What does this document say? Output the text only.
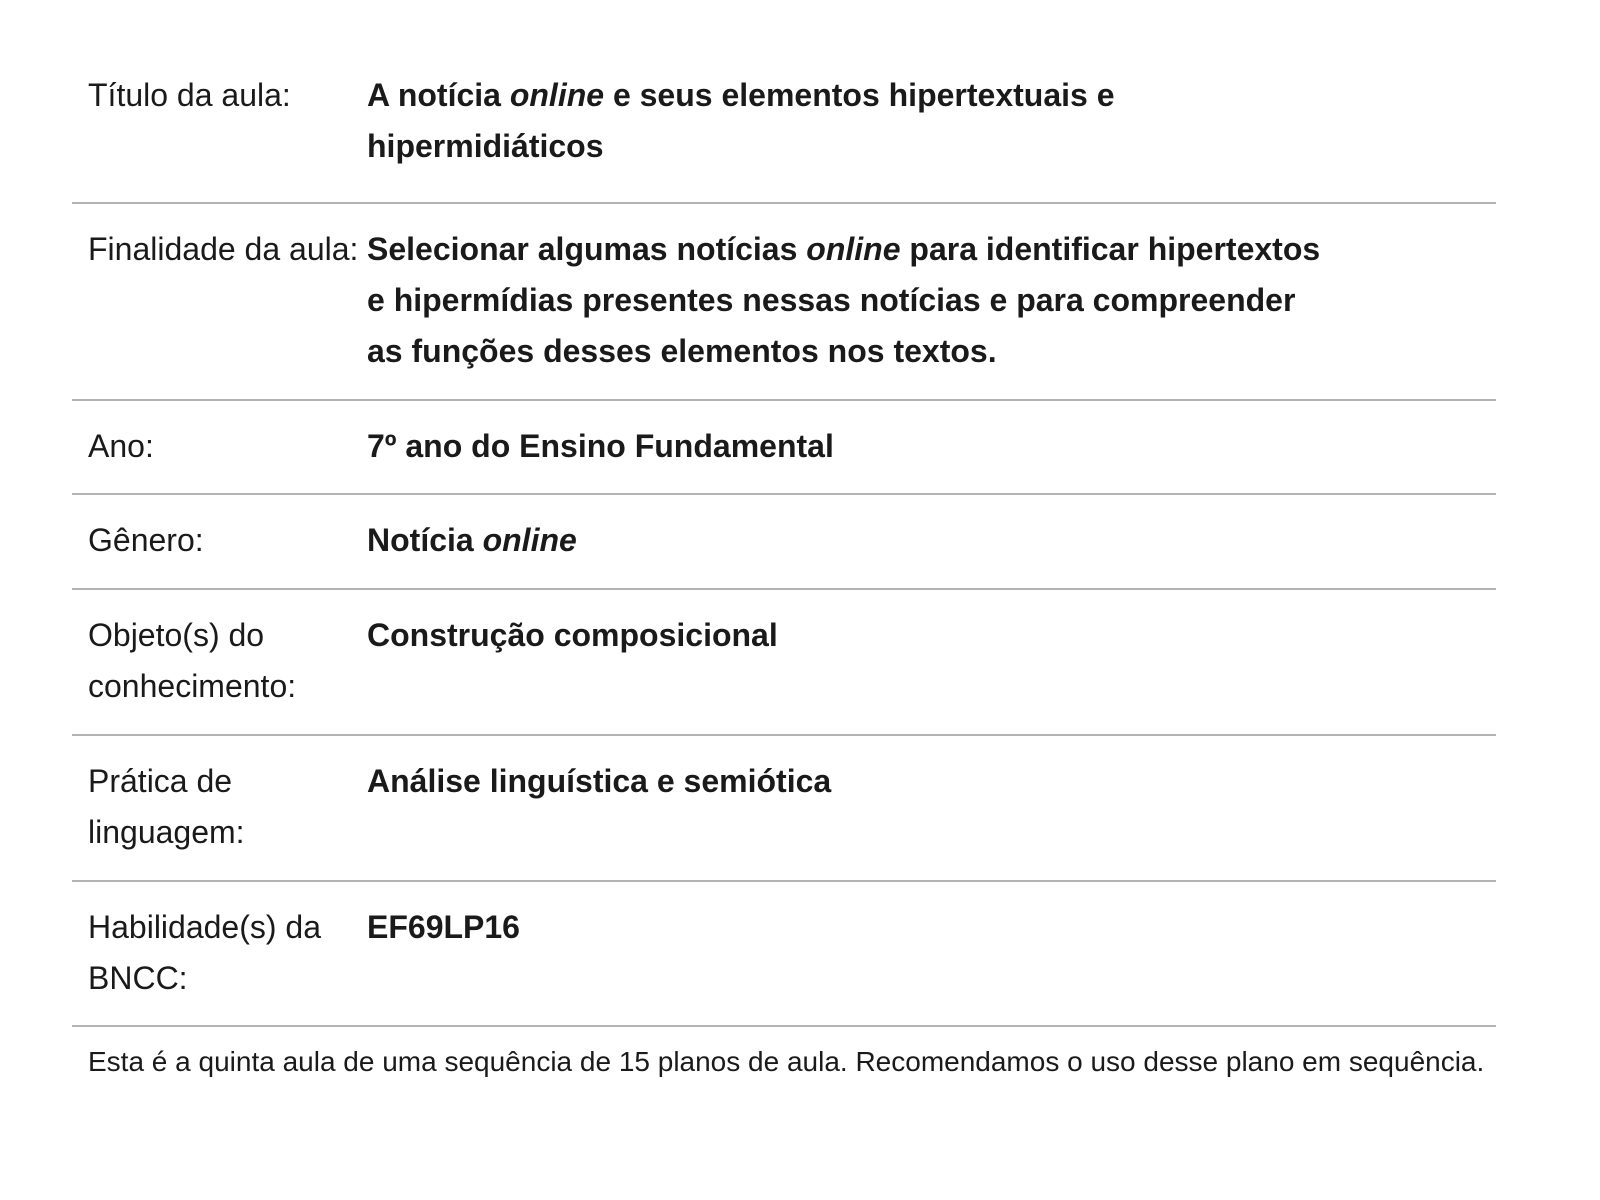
Título da aula:	A notícia online e seus elementos hipertextuais e
hipermidiáticos
Finalidade da aula: Selecionar algumas notícias online para identificar hipertextos
e hipermídias presentes nessas notícias e para compreender
as funções desses elementos nos textos.
Ano:	7º ano do Ensino Fundamental
Gênero:	Notícia online
Objeto(s) do conhecimento:
Construção composicional
Prática de linguagem:
Análise linguística e semiótica
Habilidade(s) da BNCC:
EF69LP16
Esta é a quinta aula de uma sequência de 15 planos de aula. Recomendamos o uso desse plano em sequência.
